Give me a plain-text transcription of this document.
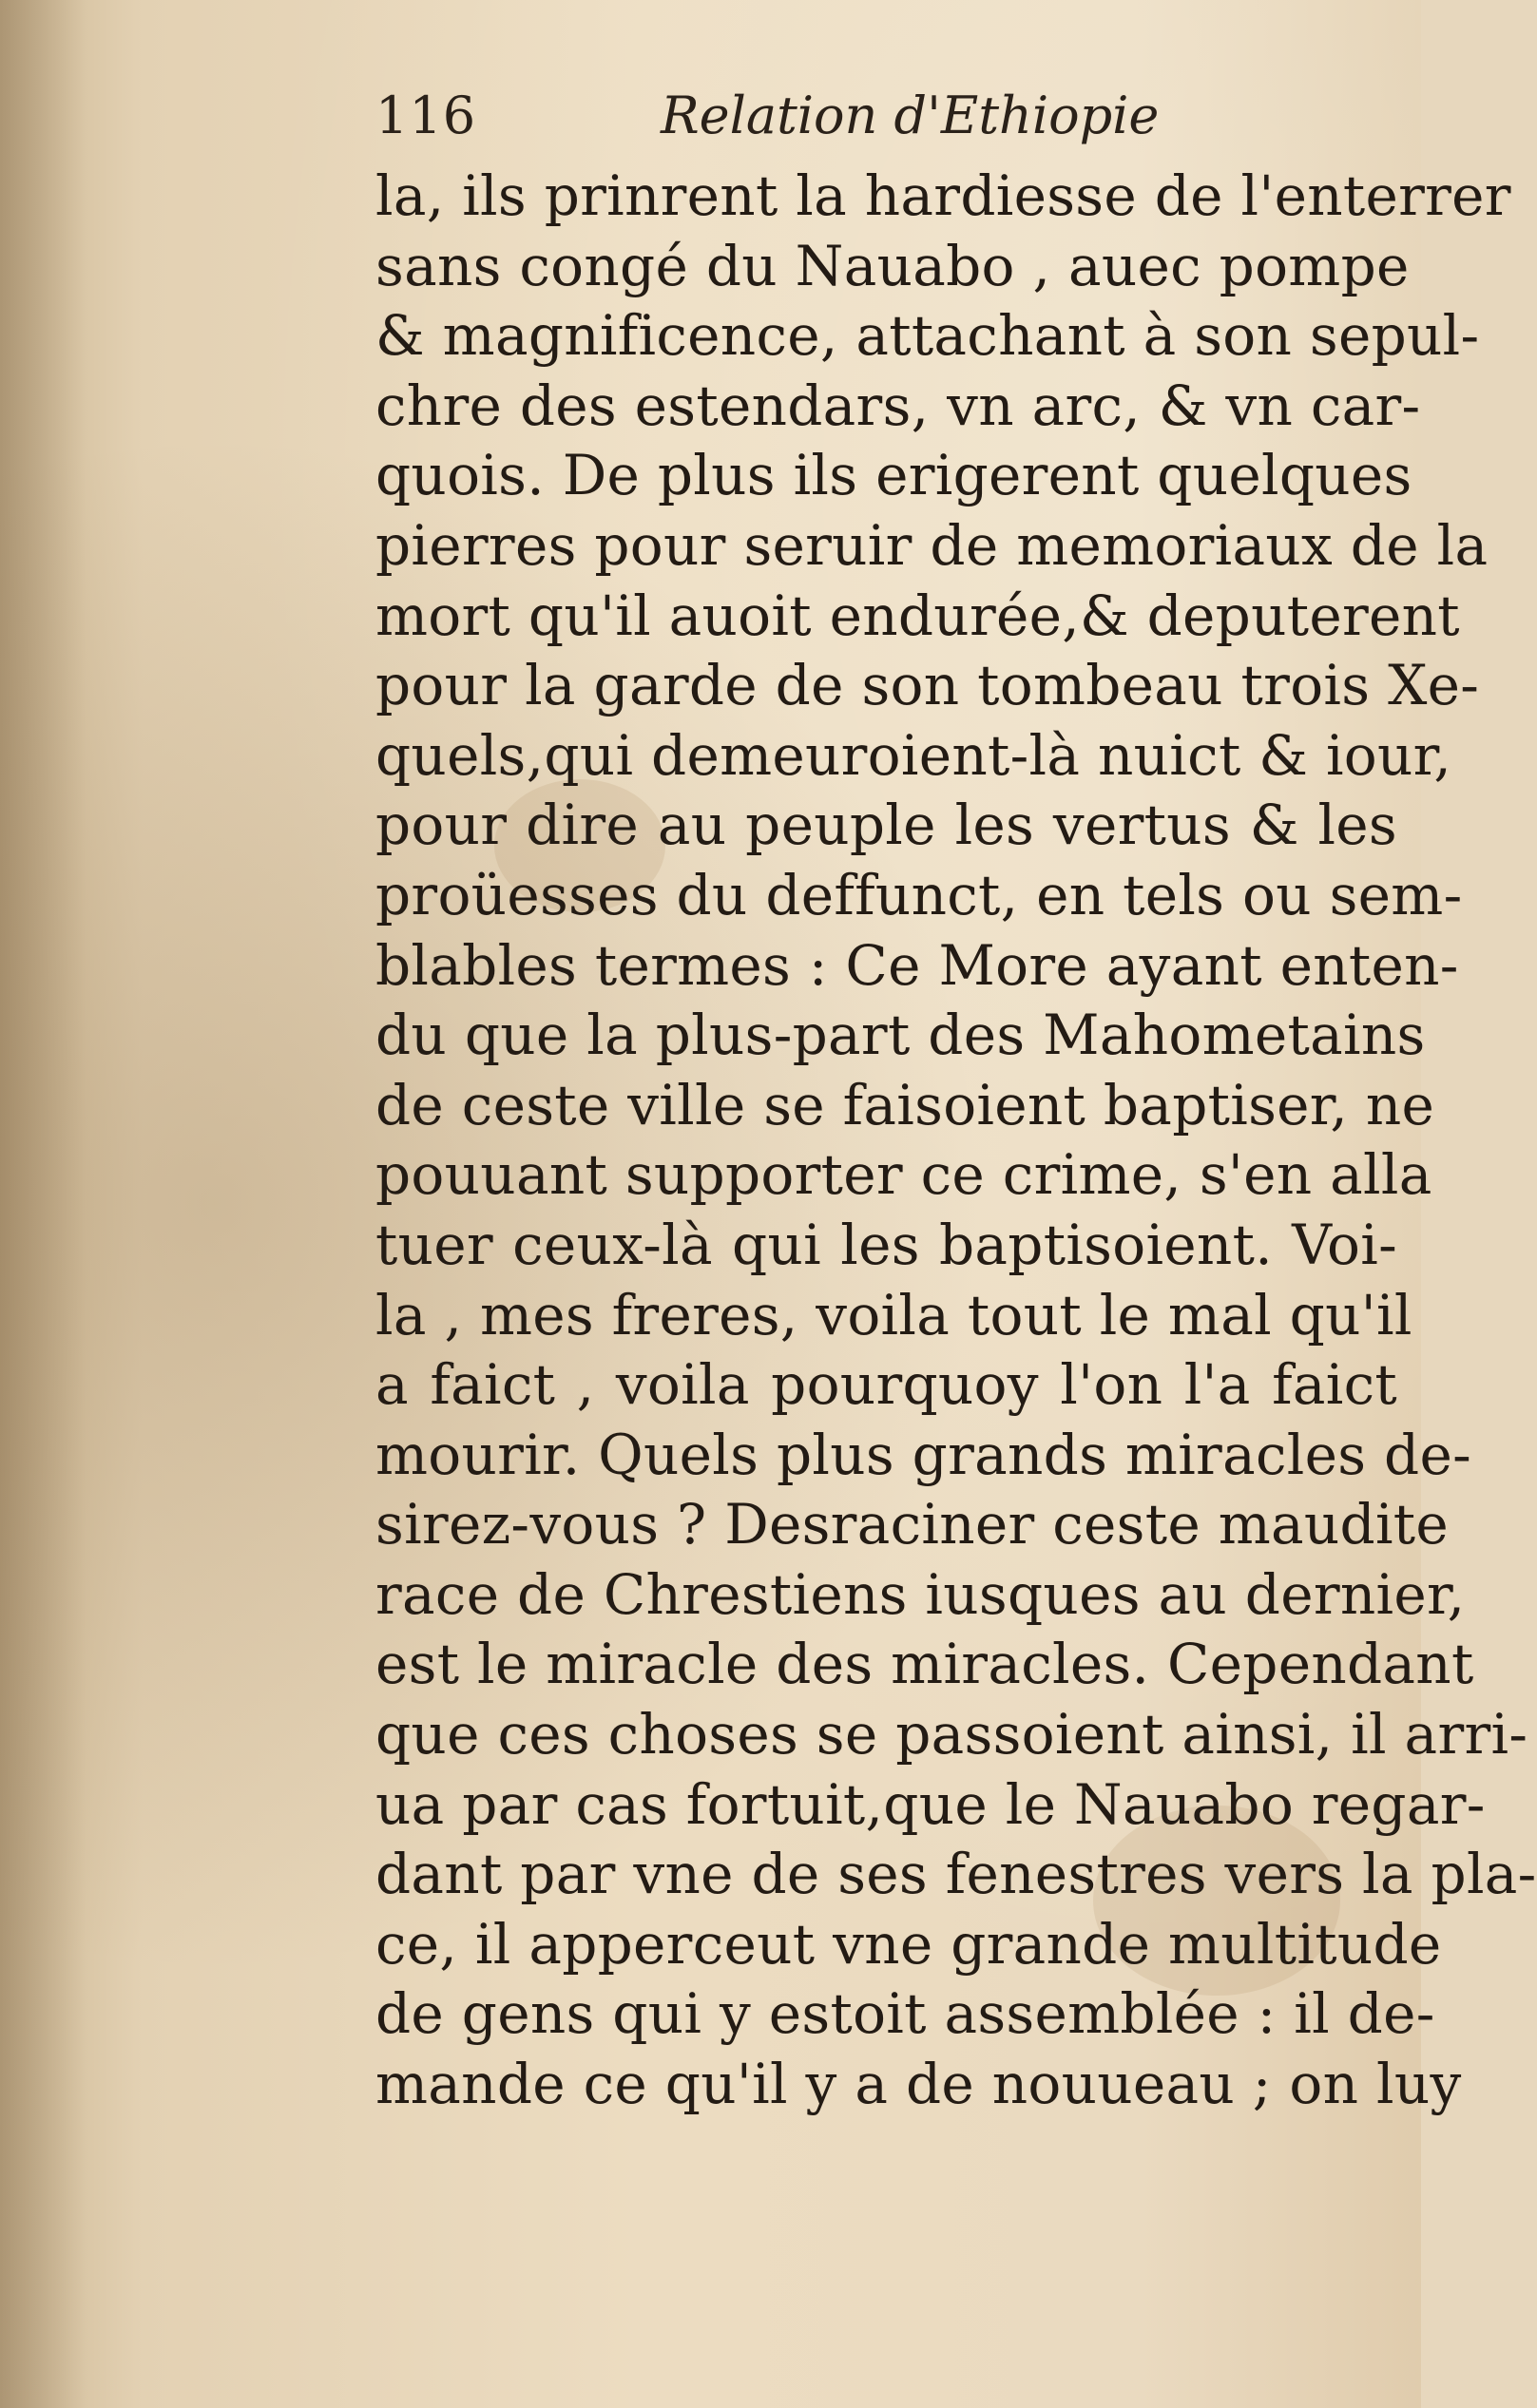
116	Relation d'Ethiopie
la, ils prinrent la hardiesse de l'enterrer
sans congé du Nauabo , auec pompe
& magnificence, attachant à son sepul-
chre des estendars, vn arc, & vn car-
quois. De plus ils erigerent quelques
pierres pour seruir de memoriaux de la
mort qu'il auoit endurée,& deputerent
pour la garde de son tombeau trois Xe-
quels,qui demeuroient-là nuict & iour,
pour dire au peuple les vertus & les
proüesses du deffunct, en tels ou sem-
blables termes : Ce More ayant enten-
du que la plus-part des Mahometains
de ceste ville se faisoient baptiser, ne
pouuant supporter ce crime, s'en alla
tuer ceux-là qui les baptisoient. Voi-
la , mes freres, voila tout le mal qu'il
a faict , voila pourquoy l'on l'a faict
mourir. Quels plus grands miracles de-
sirez-vous ? Desraciner ceste maudite
race de Chrestiens iusques au dernier,
est le miracle des miracles. Cependant
que ces choses se passoient ainsi, il arri-
ua par cas fortuit,que le Nauabo regar-
dant par vne de ses fenestres vers la pla-
ce, il apperceut vne grande multitude
de gens qui y estoit assemblée : il de-
mande ce qu'il y a de nouueau ; on luy
